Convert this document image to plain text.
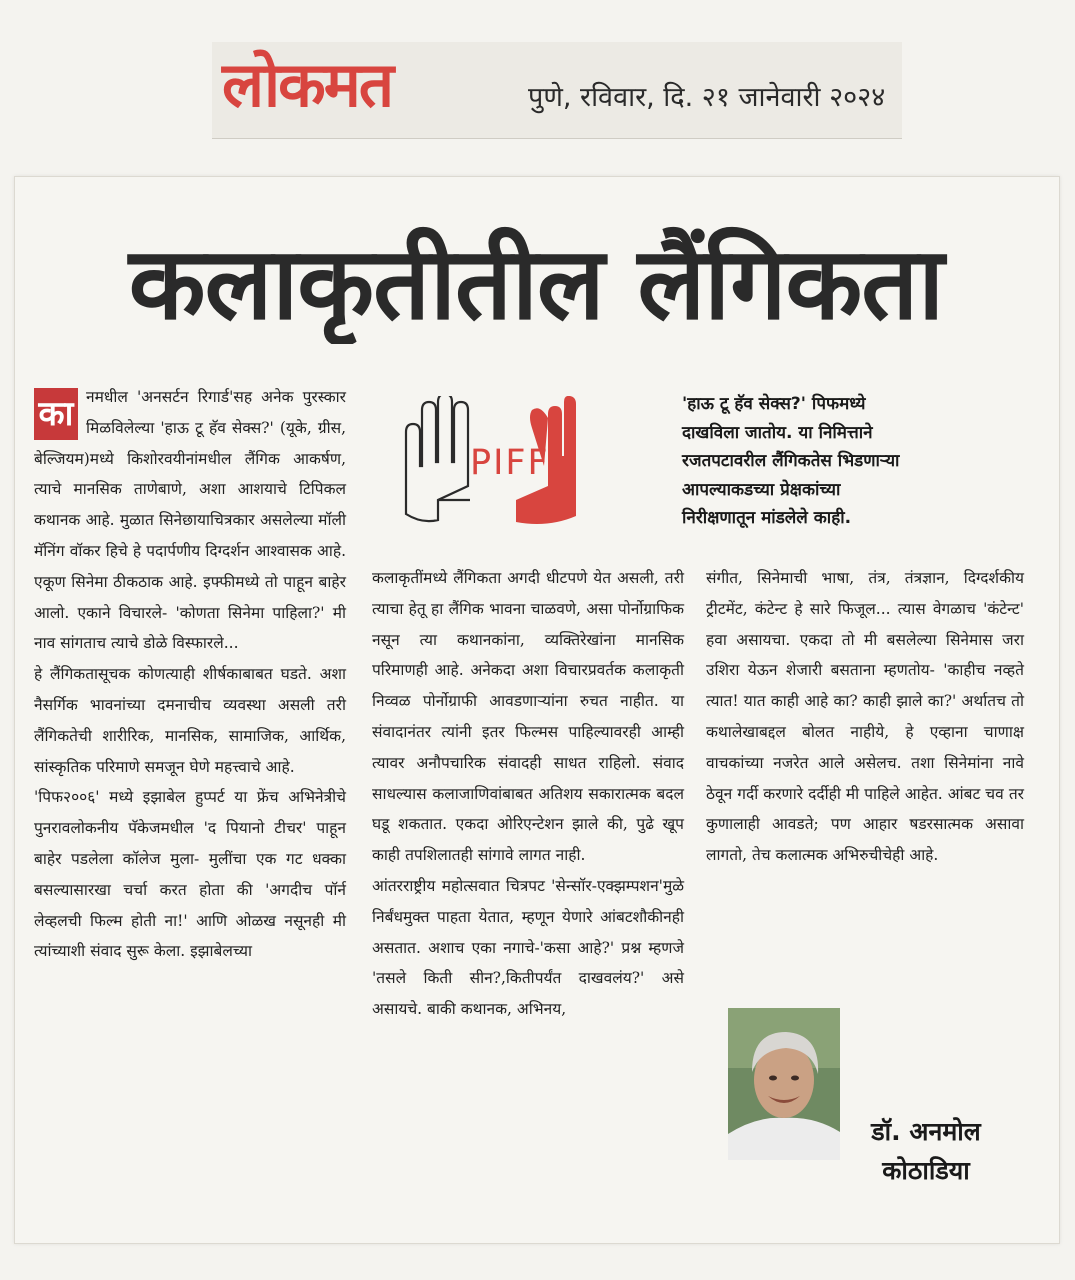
लोकमत	पुणे, रविवार, दि. २१ जानेवारी २०२४
कलाकृतीतील लैंगिकता
का नमधील 'अनसर्टन रिगार्ड'सह अनेक पुरस्कार मिळविलेल्या 'हाऊ टू हॅव सेक्स?' (यूके, ग्रीस, बेल्जियम)मध्ये किशोरवयीनांमधील लैंगिक आकर्षण, त्याचे मानसिक ताणेबाणे, अशा आशयाचे टिपिकल कथानक आहे. मुळात सिनेछायाचित्रकार असलेल्या मॉली मॅनिंग वॉकर हिचे हे पदार्पणीय दिग्दर्शन आश्वासक आहे. एकूण सिनेमा ठीकठाक आहे. इफ्फीमध्ये तो पाहून बाहेर आलो. एकाने विचारले- 'कोणता सिनेमा पाहिला?' मी नाव सांगताच त्याचे डोळे विस्फारले...
हे लैंगिकतासूचक कोणत्याही शीर्षकाबाबत घडते. अशा नैसर्गिक भावनांच्या दमनाचीच व्यवस्था असली तरी लैंगिकतेची शारीरिक, मानसिक, सामाजिक, आर्थिक, सांस्कृतिक परिमाणे समजून घेणे महत्त्वाचे आहे.
'पिफ२००६' मध्ये इझाबेल हुप्पर्ट या फ्रेंच अभिनेत्रीचे पुनरावलोकनीय पॅकेजमधील 'द पियानो टीचर' पाहून बाहेर पडलेला कॉलेज मुला- मुलींचा एक गट धक्का बसल्यासारखा चर्चा करत होता की 'अगदीच पॉर्न लेव्हलची फिल्म होती ना!' आणि ओळख नसूनही मी त्यांच्याशी संवाद सुरू केला. इझाबेलच्या
PIFF
'हाऊ टू हॅव सेक्स?' पिफमध्ये
दाखविला जातोय. या निमित्ताने
रजतपटावरील लैंगिकतेस भिडणाऱ्या
आपल्याकडच्या प्रेक्षकांच्या
निरीक्षणातून मांडलेले काही.
कलाकृतींमध्ये लैंगिकता अगदी धीटपणे येत असली, तरी त्याचा हेतू हा लैंगिक भावना चाळवणे, असा पोर्नोग्राफिक नसून त्या कथानकांना, व्यक्तिरेखांना मानसिक परिमाणही आहे. अनेकदा अशा विचारप्रवर्तक कलाकृती निव्वळ पोर्नोग्राफी आवडणाऱ्यांना रुचत नाहीत. या संवादानंतर त्यांनी इतर फिल्मस पाहिल्यावरही आम्ही त्यावर अनौपचारिक संवादही साधत राहिलो. संवाद साधल्यास कलाजाणिवांबाबत अतिशय सकारात्मक बदल घडू शकतात. एकदा ओरिएन्टेशन झाले की, पुढे खूप काही तपशिलातही सांगावे लागत नाही.
आंतरराष्ट्रीय महोत्सवात चित्रपट 'सेन्सॉर-एक्झम्पशन'मुळे निर्बंधमुक्त पाहता येतात, म्हणून येणारे आंबटशौकीनही असतात. अशाच एका नगाचे-'कसा आहे?' प्रश्न म्हणजे 'तसले किती सीन?,कितीपर्यंत दाखवलंय?' असे असायचे. बाकी कथानक, अभिनय,
संगीत, सिनेमाची भाषा, तंत्र, तंत्रज्ञान, दिग्दर्शकीय ट्रीटमेंट, कंटेन्ट हे सारे फिजूल... त्यास वेगळाच 'कंटेन्ट' हवा असायचा. एकदा तो मी बसलेल्या सिनेमास जरा उशिरा येऊन शेजारी बसताना म्हणतोय- 'काहीच नव्हते त्यात! यात काही आहे का? काही झाले का?' अर्थातच तो कथालेखाबद्दल बोलत नाहीये, हे एव्हाना चाणाक्ष वाचकांच्या नजरेत आले असेलच. तशा सिनेमांना नावे ठेवून गर्दी करणारे दर्दीही मी पाहिले आहेत. आंबट चव तर कुणालाही आवडते; पण आहार षडरसात्मक असावा लागतो, तेच कलात्मक अभिरुचीचेही आहे.
डॉ. अनमोल कोठाडिया
